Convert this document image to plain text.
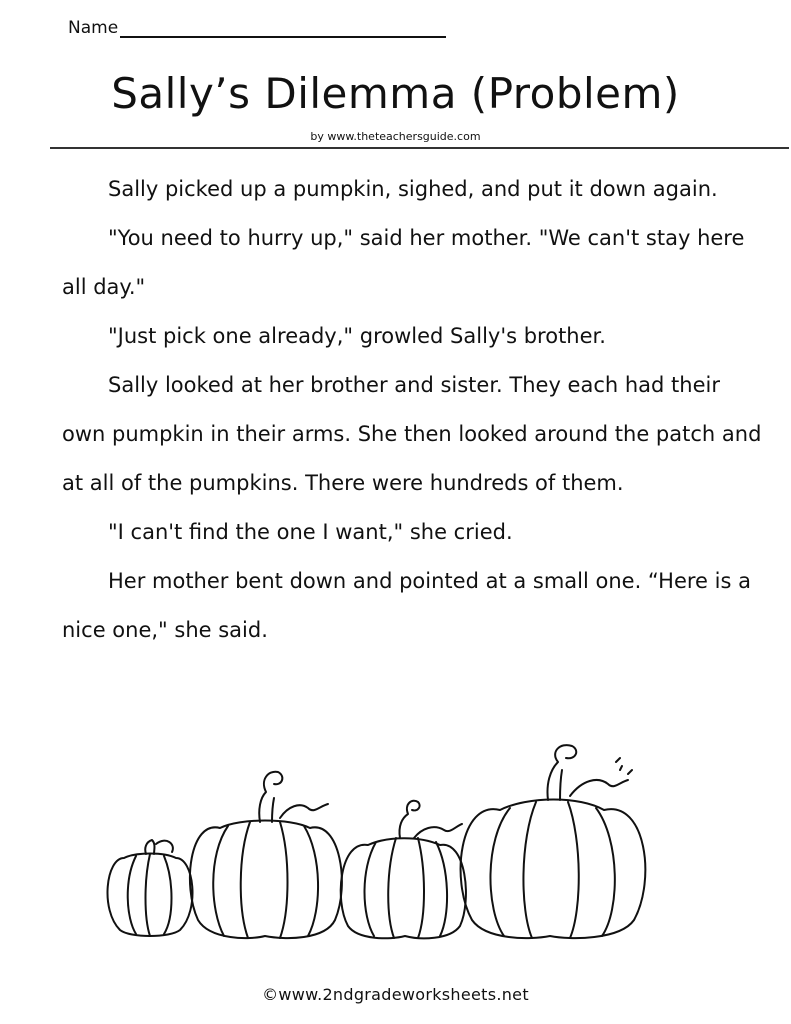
Name
Sally’s Dilemma (Problem)
by www.theteachersguide.com

Sally picked up a pumpkin, sighed, and put it down again.

"You need to hurry up," said her mother. "We can't stay here all day."

"Just pick one already," growled Sally's brother.

Sally looked at her brother and sister. They each had their own pumpkin in their arms. She then looked around the patch and at all of the pumpkins. There were hundreds of them.

"I can't find the one I want," she cried.

Her mother bent down and pointed at a small one. “Here is a nice one," she said.

©www.2ndgradeworksheets.net
